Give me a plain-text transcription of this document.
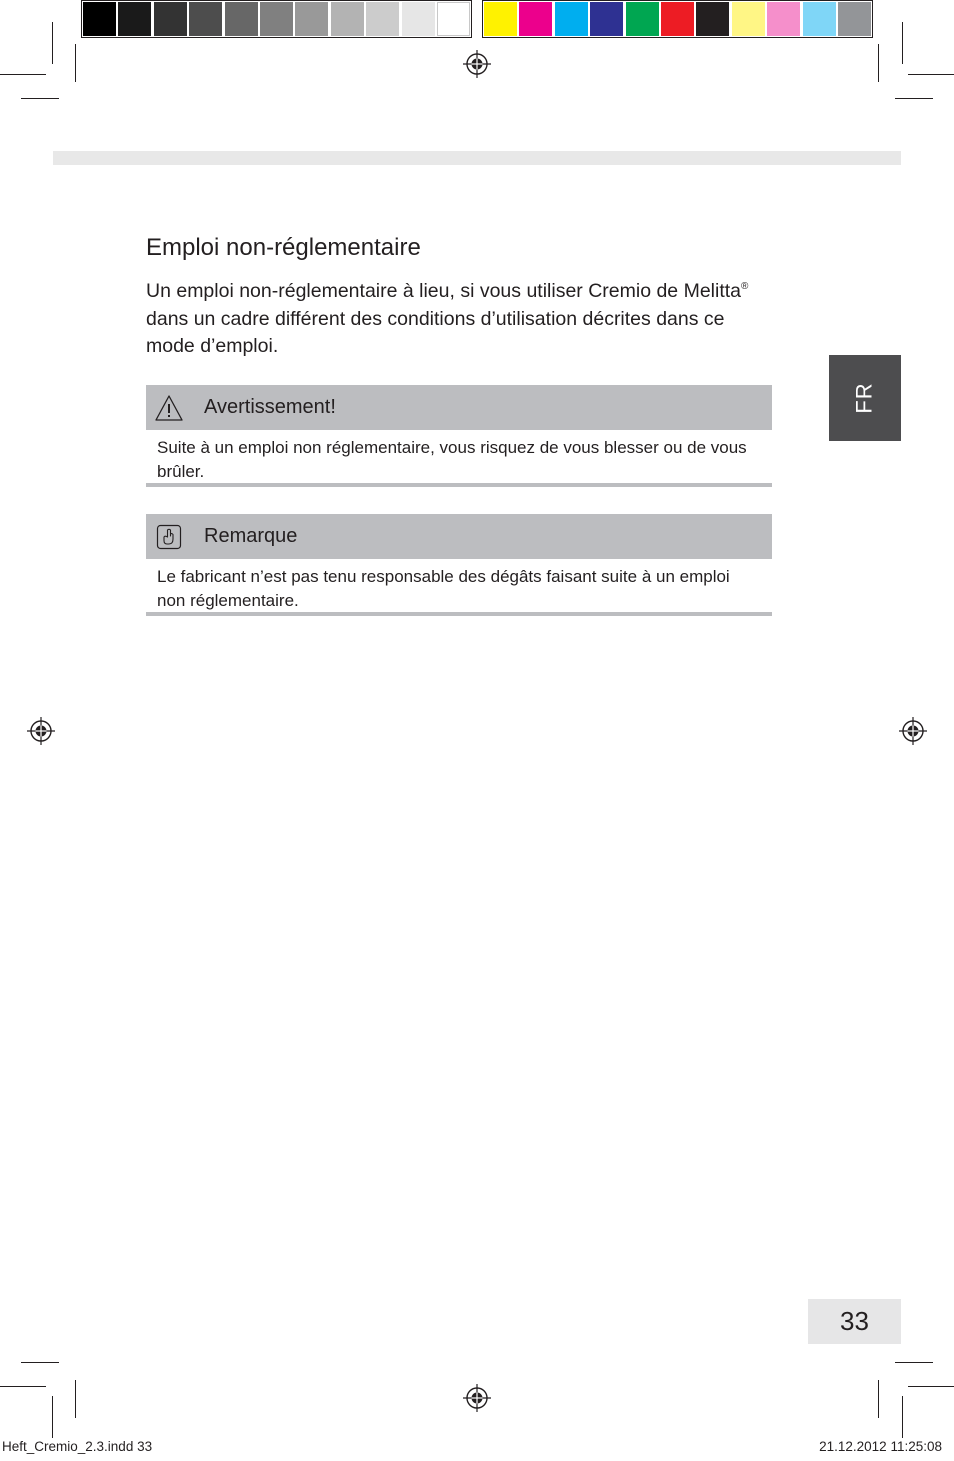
FR
Emploi non-réglementaire

Un emploi non-réglementaire à lieu, si vous utiliser Cremio de Melitta® dans un cadre différent des conditions d’utilisation décrites dans ce mode d’emploi.

Avertissement!
Suite à un emploi non réglementaire, vous risquez de vous blesser ou de vous brûler.
Remarque
Le fabricant n’est pas tenu responsable des dégâts faisant suite à un emploi non réglementaire.
33
Heft_Cremio_2.3.indd 33	21.12.2012 11:25:08
